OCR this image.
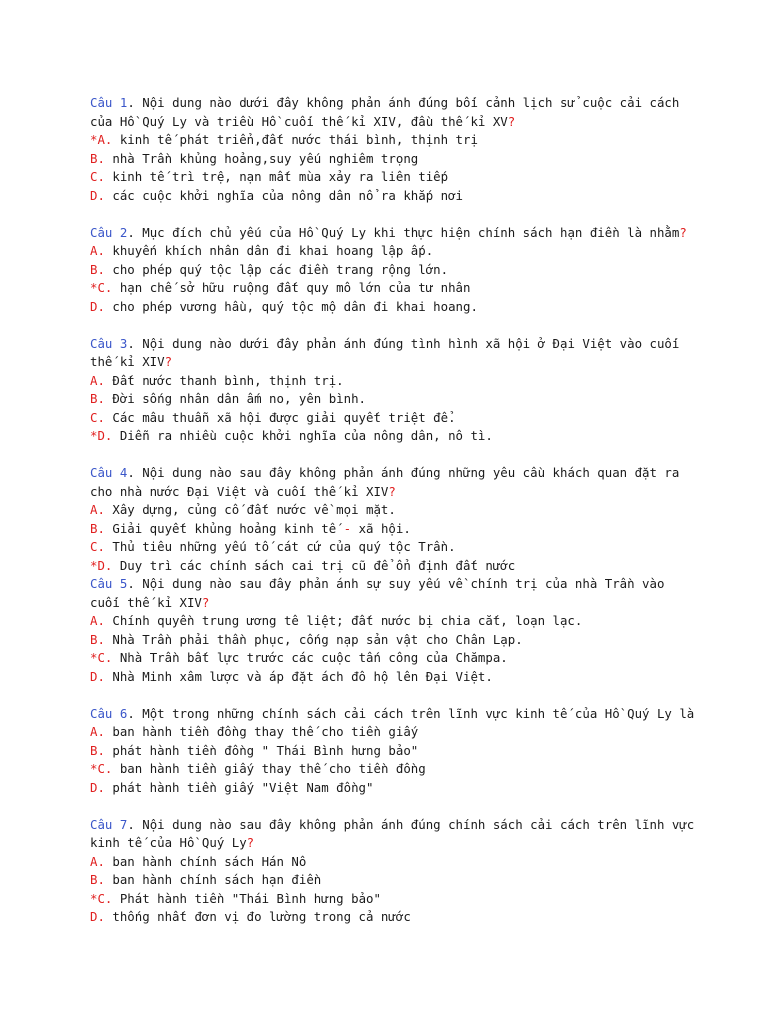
Câu 1. Nội dung nào dưới đây không phản ánh đúng bối cảnh lịch sử cuộc cải cách
của Hồ Quý Ly và triều Hồ cuối thế kỉ XIV, đầu thế kỉ XV?
*A. kinh tế phát triển,đất nước thái bình, thịnh trị
B. nhà Trần khủng hoảng,suy yếu nghiêm trọng
C. kinh tế trì trệ, nạn mất mùa xảy ra liên tiếp
D. các cuộc khởi nghĩa của nông dân nổ ra khắp nơi
Câu 2. Mục đích chủ yếu của Hồ Quý Ly khi thực hiện chính sách hạn điền là nhằm?
A. khuyến khích nhân dân đi khai hoang lập ấp.
B. cho phép quý tộc lập các điền trang rộng lớn.
*C. hạn chế sở hữu ruộng đất quy mô lớn của tư nhân
D. cho phép vương hầu, quý tộc mộ dân đi khai hoang.
Câu 3. Nội dung nào dưới đây phản ánh đúng tình hình xã hội ở Đại Việt vào cuối
thế kỉ XIV?
A. Đất nước thanh bình, thịnh trị.
B. Đời sống nhân dân ấm no, yên bình.
C. Các mâu thuẫn xã hội được giải quyết triệt để.
*D. Diễn ra nhiều cuộc khởi nghĩa của nông dân, nô tì.
Câu 4. Nội dung nào sau đây không phản ánh đúng những yêu cầu khách quan đặt ra
cho nhà nước Đại Việt và cuối thế kỉ XIV?
A. Xây dựng, củng cố đất nước về mọi mặt.
B. Giải quyết khủng hoảng kinh tế - xã hội.
C. Thủ tiêu những yếu tố cát cứ của quý tộc Trần.
*D. Duy trì các chính sách cai trị cũ để ổn định đất nước
Câu 5. Nội dung nào sau đây phản ánh sự suy yếu về chính trị của nhà Trần vào
cuối thế kỉ XIV?
A. Chính quyền trung ương tê liệt; đất nước bị chia cắt, loạn lạc.
B. Nhà Trần phải thần phục, cống nạp sản vật cho Chân Lạp.
*C. Nhà Trần bất lực trước các cuộc tấn công của Chămpa.
D. Nhà Minh xâm lược và áp đặt ách đô hộ lên Đại Việt.
Câu 6. Một trong những chính sách cải cách trên lĩnh vực kinh tế của Hồ Quý Ly là
A. ban hành tiền đồng thay thế cho tiền giấy
B. phát hành tiền đồng " Thái Bình hưng bảo"
*C. ban hành tiền giấy thay thế cho tiền đồng
D. phát hành tiền giấy "Việt Nam đồng"
Câu 7. Nội dung nào sau đây không phản ánh đúng chính sách cải cách trên lĩnh vực
kinh tế của Hồ Quý Ly?
A. ban hành chính sách Hán Nô
B. ban hành chính sách hạn điền
*C. Phát hành tiền "Thái Bình hưng bảo"
D. thống nhất đơn vị đo lường trong cả nước
